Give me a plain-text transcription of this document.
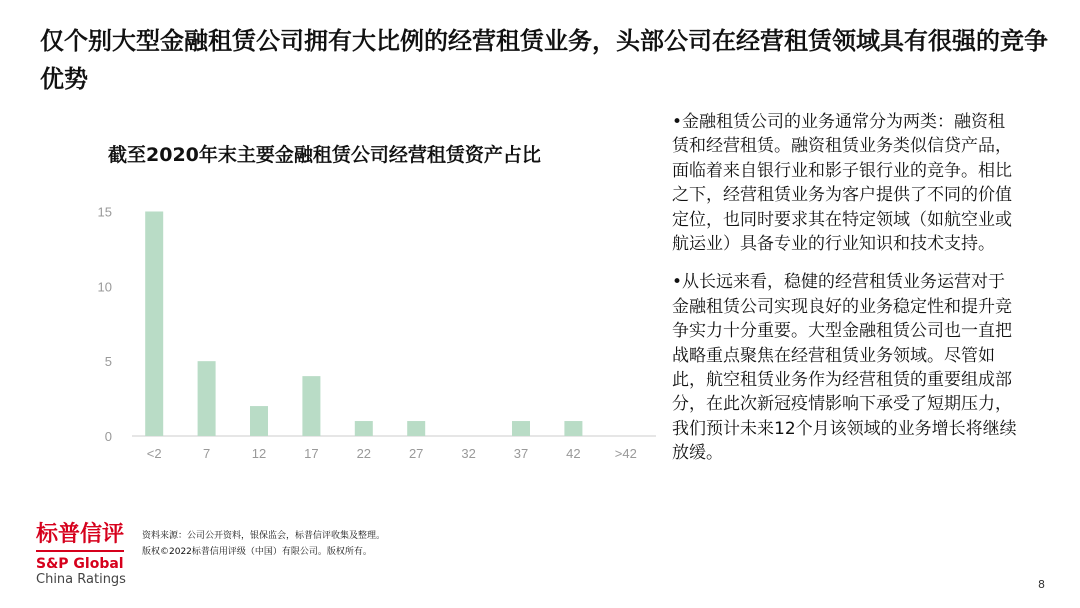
仅个别大型金融租赁公司拥有大比例的经营租赁业务，头部公司在经营租赁领域具有很强的竞争优势
截至2020年末主要金融租赁公司经营租赁资产占比
0
5
10
15
<2	7	12	17	22	27	32	37	42	>42

•金融租赁公司的业务通常分为两类：融资租赁和经营租赁。融资租赁业务类似信贷产品，面临着来自银行业和影子银行业的竞争。相比之下，经营租赁业务为客户提供了不同的价值定位，也同时要求其在特定领域（如航空业或航运业）具备专业的行业知识和技术支持。

•从长远来看，稳健的经营租赁业务运营对于金融租赁公司实现良好的业务稳定性和提升竞争实力十分重要。大型金融租赁公司也一直把战略重点聚焦在经营租赁业务领域。尽管如此，航空租赁业务作为经营租赁的重要组成部分，在此次新冠疫情影响下承受了短期压力，我们预计未来12个月该领域的业务增长将继续放缓。

标普信评
S&P Global
China Ratings
资料来源：公司公开资料，银保监会，标普信评收集及整理。
版权©2022标普信用评级（中国）有限公司。版权所有。
8
